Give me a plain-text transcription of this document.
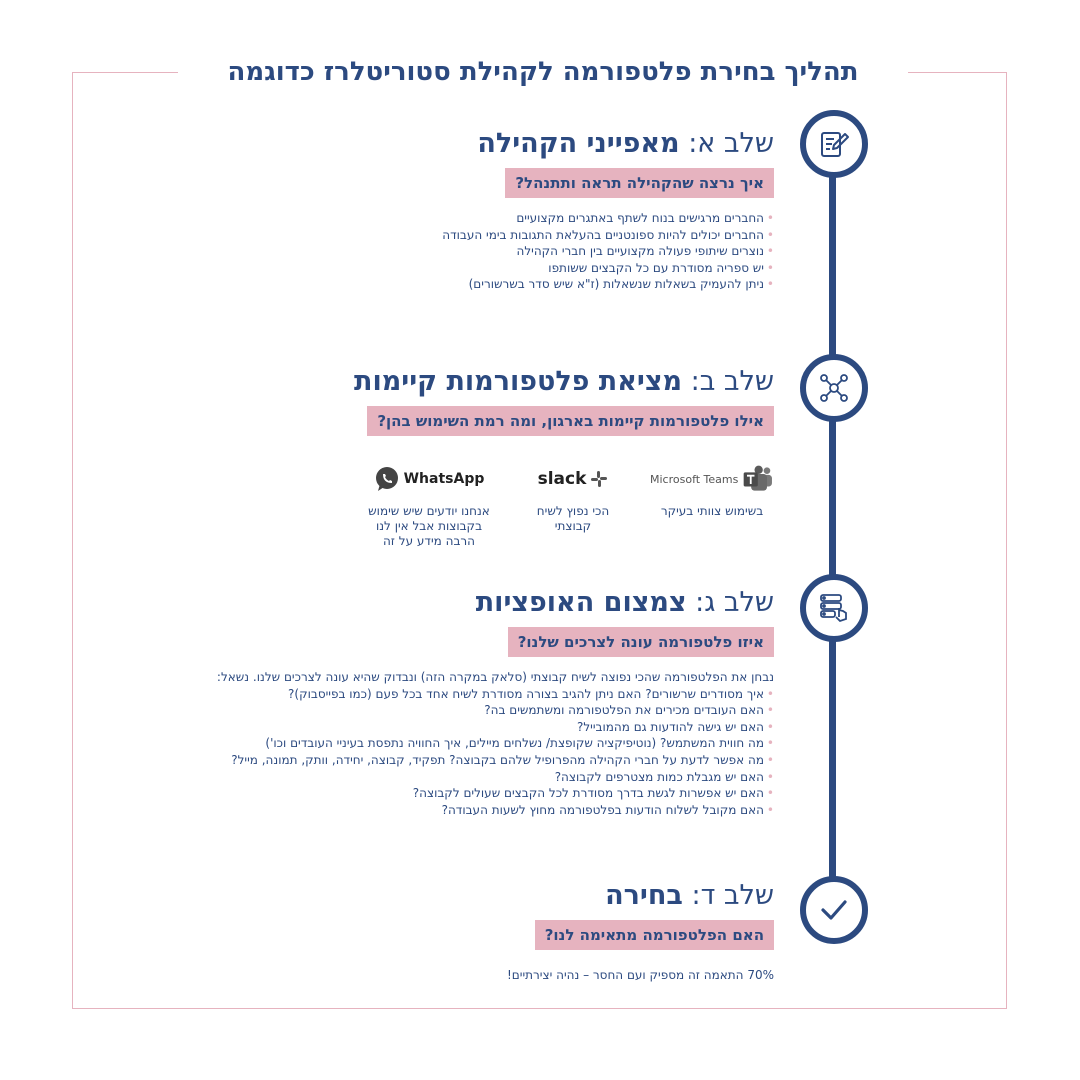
תהליך בחירת פלטפורמה לקהילת סטוריטלרז כדוגמה
שלב א: מאפייני הקהילה
איך נרצה שהקהילה תראה ותתנהל?
• החברים מרגישים בנוח לשתף באתגרים מקצועיים
• החברים יכולים להיות ספונטניים בהעלאת התגובות בימי העבודה
• נוצרים שיתופי פעולה מקצועיים בין חברי הקהילה
• יש ספריה מסודרת עם כל הקבצים ששותפו
• ניתן להעמיק בשאלות שנשאלות (ז"א שיש סדר בשרשורים)
שלב ב: מציאת פלטפורמות קיימות
אילו פלטפורמות קיימות בארגון, ומה רמת השימוש בהן?
Microsoft Teams
בשימוש צוותי בעיקר
slack
הכי נפוץ לשיח קבוצתי
WhatsApp
אנחנו יודעים שיש שימוש בקבוצות אבל אין לנו הרבה מידע על זה
שלב ג: צמצום האופציות
איזו פלטפורמה עונה לצרכים שלנו?
נבחן את הפלטפורמה שהכי נפוצה לשיח קבוצתי (סלאק במקרה הזה) ונבדוק שהיא עונה לצרכים שלנו. נשאל:
• איך מסודרים שרשורים? האם ניתן להגיב בצורה מסודרת לשיח אחד בכל פעם (כמו בפייסבוק)?
• האם העובדים מכירים את הפלטפורמה ומשתמשים בה?
• האם יש גישה להודעות גם מהמובייל?
• מה חווית המשתמש? (נוטיפיקציה שקופצת/ נשלחים מיילים, איך החוויה נתפסת בעיניי העובדים וכו')
• מה אפשר לדעת על חברי הקהילה מהפרופיל שלהם בקבוצה? תפקיד, קבוצה, יחידה, וותק, תמונה, מייל?
• האם יש מגבלת כמות מצטרפים לקבוצה?
• האם יש אפשרות לגשת בדרך מסודרת לכל הקבצים שעולים לקבוצה?
• האם מקובל לשלוח הודעות בפלטפורמה מחוץ לשעות העבודה?
שלב ד: בחירה
האם הפלטפורמה מתאימה לנו?
70% התאמה זה מספיק ועם החסר – נהיה יצירתיים!
